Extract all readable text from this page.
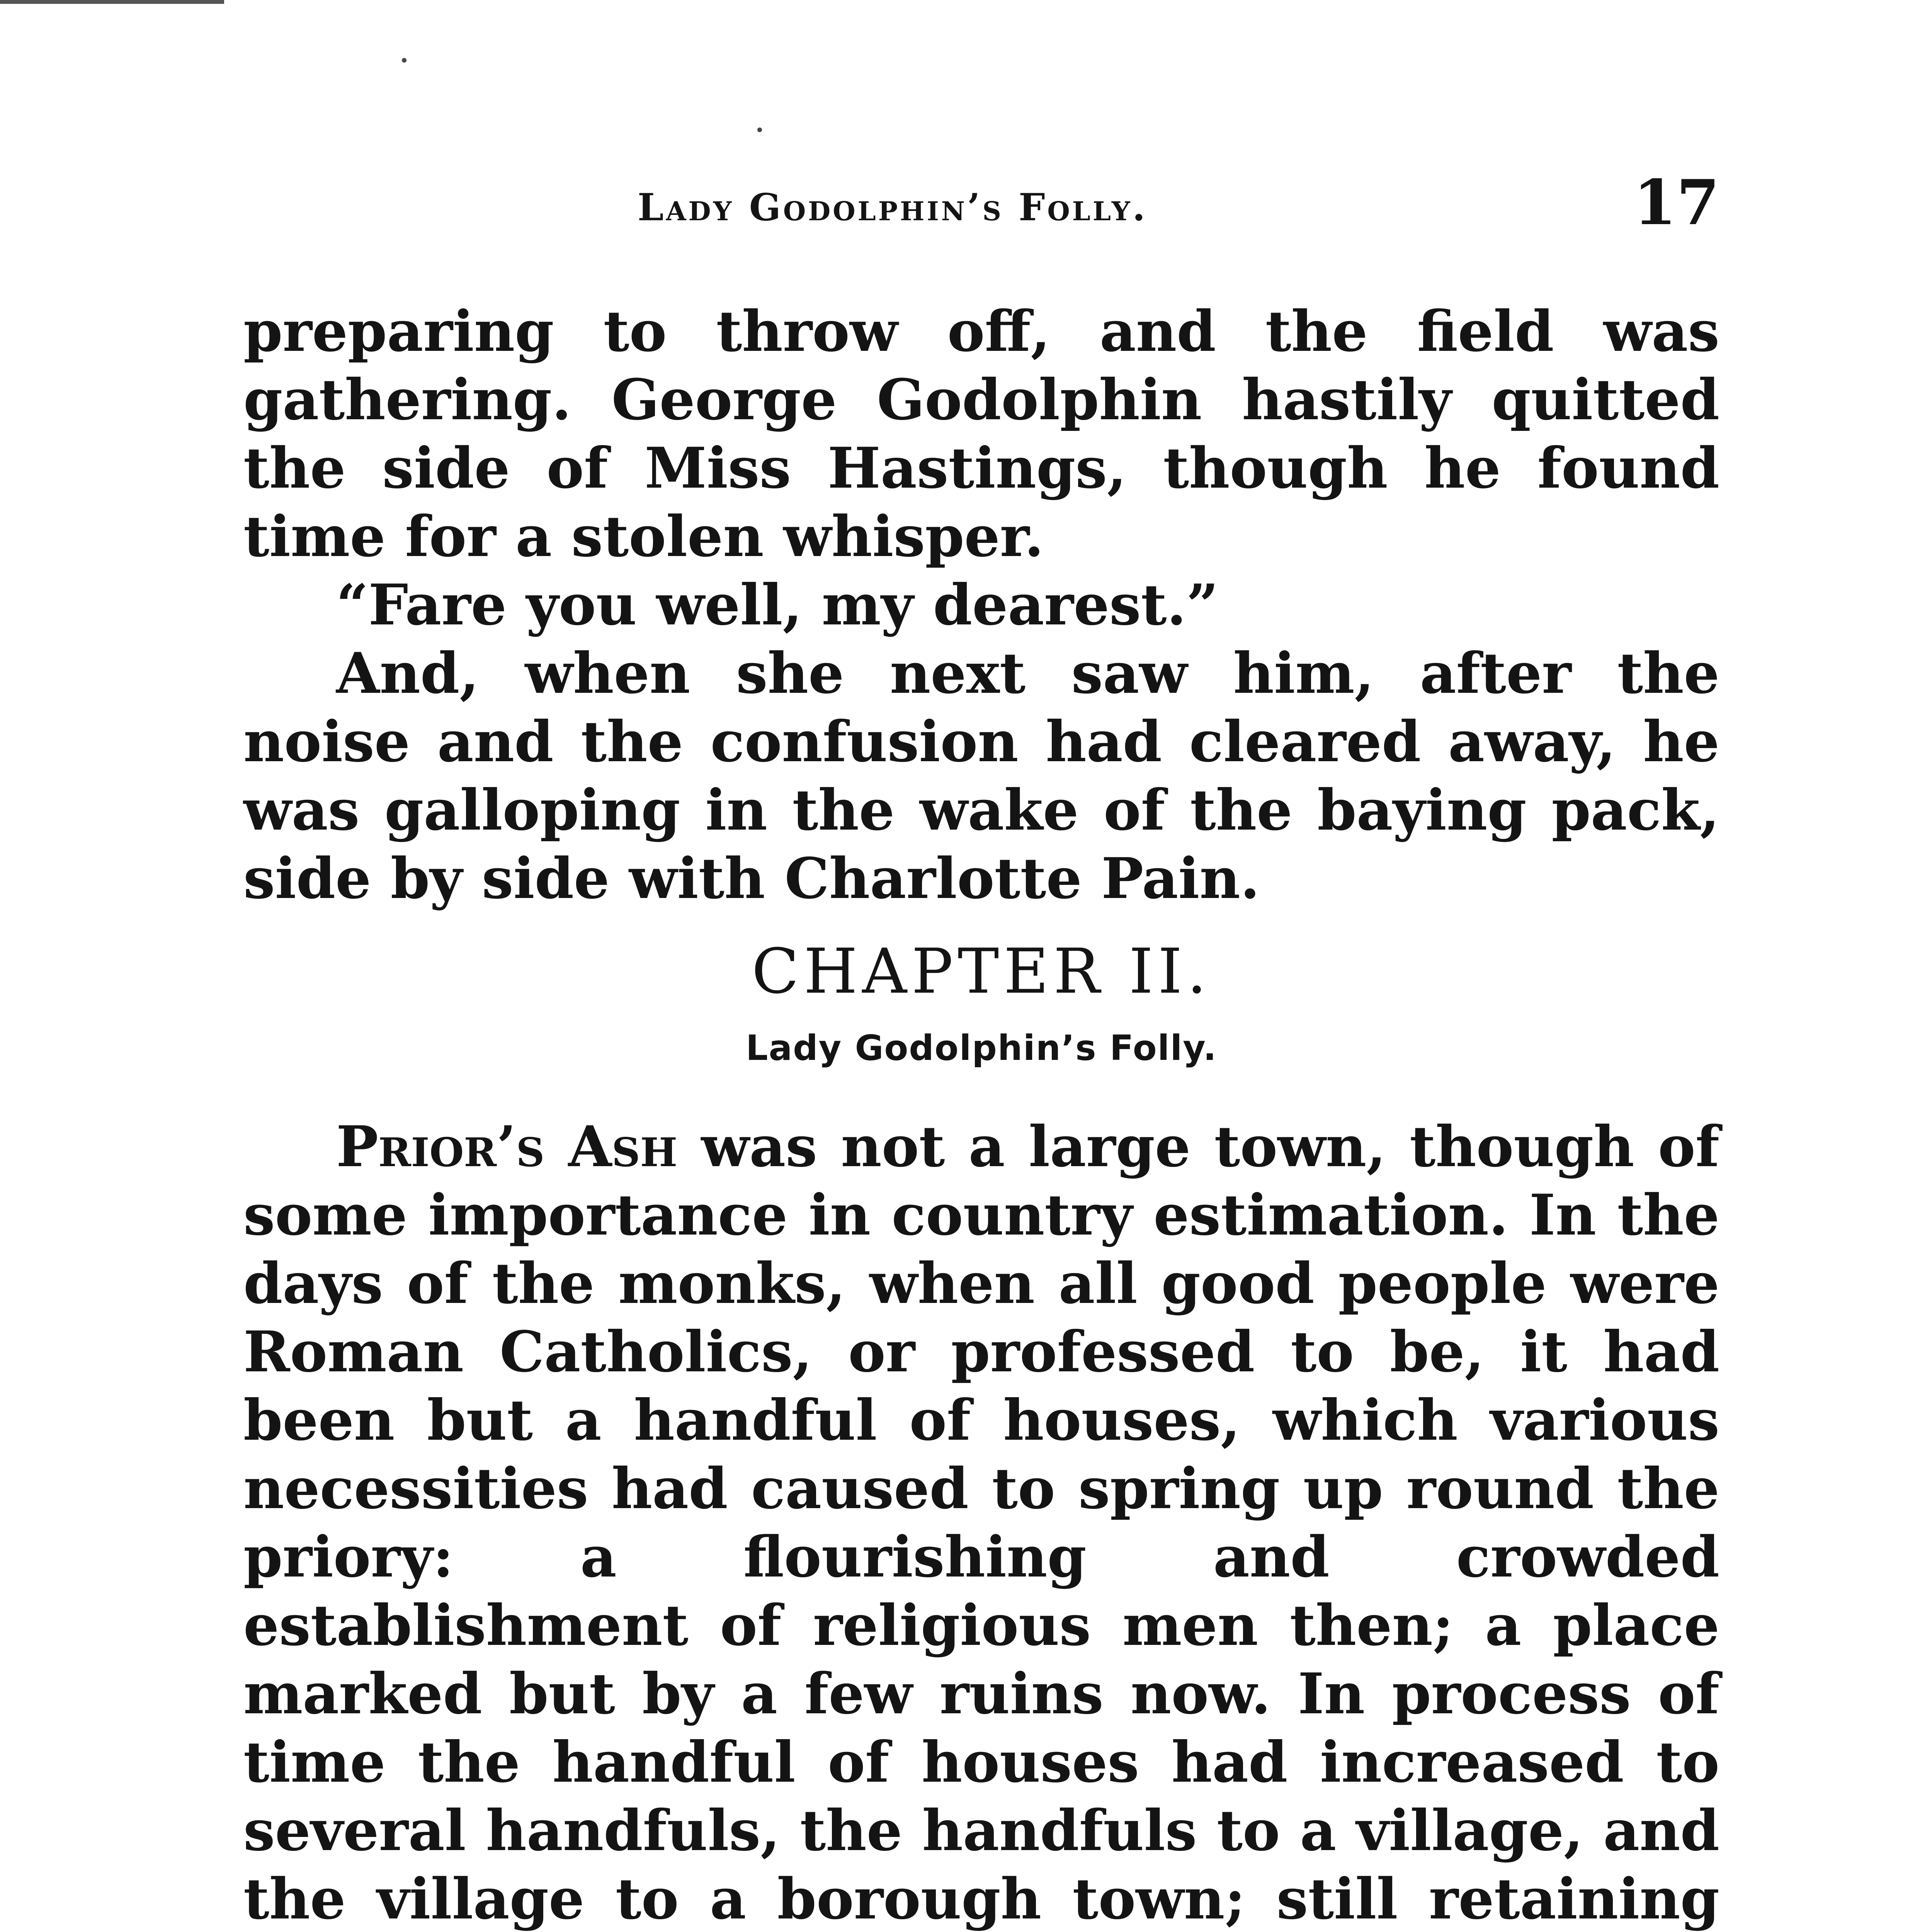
Lady Godolphin’s Folly.	17

preparing to throw off, and the field was gathering. George Godolphin hastily quitted the side of Miss Hastings, though he found time for a stolen whisper.

“Fare you well, my dearest.”

And, when she next saw him, after the noise and the confusion had cleared away, he was galloping in the wake of the baying pack, side by side with Charlotte Pain.

CHAPTER II.
Lady Godolphin’s Folly.

Prior’s Ash was not a large town, though of some importance in country estimation. In the days of the monks, when all good people were Roman Catholics, or professed to be, it had been but a handful of houses, which various necessities had caused to spring up round the priory: a flourishing and crowded establishment of religious men then; a place marked but by a few ruins now. In process of time the handful of houses had increased to several handfuls, the handfuls to a village, and the village to a borough town; still retaining
